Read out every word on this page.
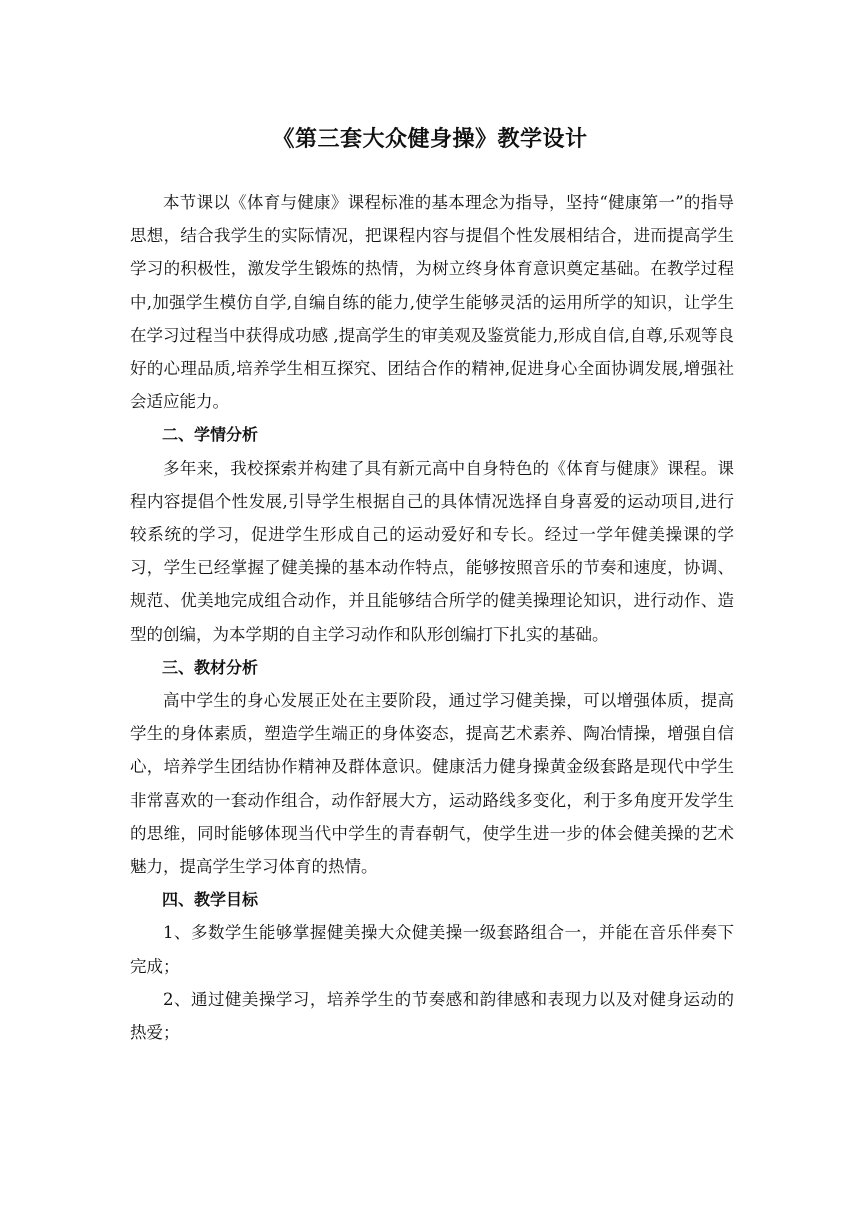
《第三套大众健身操》教学设计

本节课以《体育与健康》课程标准的基本理念为指导，坚持“健康第一”的指导思想，结合我学生的实际情况，把课程内容与提倡个性发展相结合，进而提高学生学习的积极性，激发学生锻炼的热情，为树立终身体育意识奠定基础。在教学过程中,加强学生模仿自学,自编自练的能力,使学生能够灵活的运用所学的知识，让学生在学习过程当中获得成功感 ,提高学生的审美观及鉴赏能力,形成自信,自尊,乐观等良好的心理品质,培养学生相互探究、团结合作的精神,促进身心全面协调发展,增强社会适应能力。

二、学情分析

多年来，我校探索并构建了具有新元高中自身特色的《体育与健康》课程。课程内容提倡个性发展,引导学生根据自己的具体情况选择自身喜爱的运动项目,进行较系统的学习，促进学生形成自己的运动爱好和专长。经过一学年健美操课的学习，学生已经掌握了健美操的基本动作特点，能够按照音乐的节奏和速度，协调、规范、优美地完成组合动作，并且能够结合所学的健美操理论知识，进行动作、造型的创编，为本学期的自主学习动作和队形创编打下扎实的基础。

三、教材分析

高中学生的身心发展正处在主要阶段，通过学习健美操，可以增强体质，提高学生的身体素质，塑造学生端正的身体姿态，提高艺术素养、陶冶情操，增强自信心，培养学生团结协作精神及群体意识。健康活力健身操黄金级套路是现代中学生非常喜欢的一套动作组合，动作舒展大方，运动路线多变化，利于多角度开发学生的思维，同时能够体现当代中学生的青春朝气，使学生进一步的体会健美操的艺术魅力，提高学生学习体育的热情。

四、教学目标

1、多数学生能够掌握健美操大众健美操一级套路组合一，并能在音乐伴奏下完成；

2、通过健美操学习，培养学生的节奏感和韵律感和表现力以及对健身运动的热爱；
